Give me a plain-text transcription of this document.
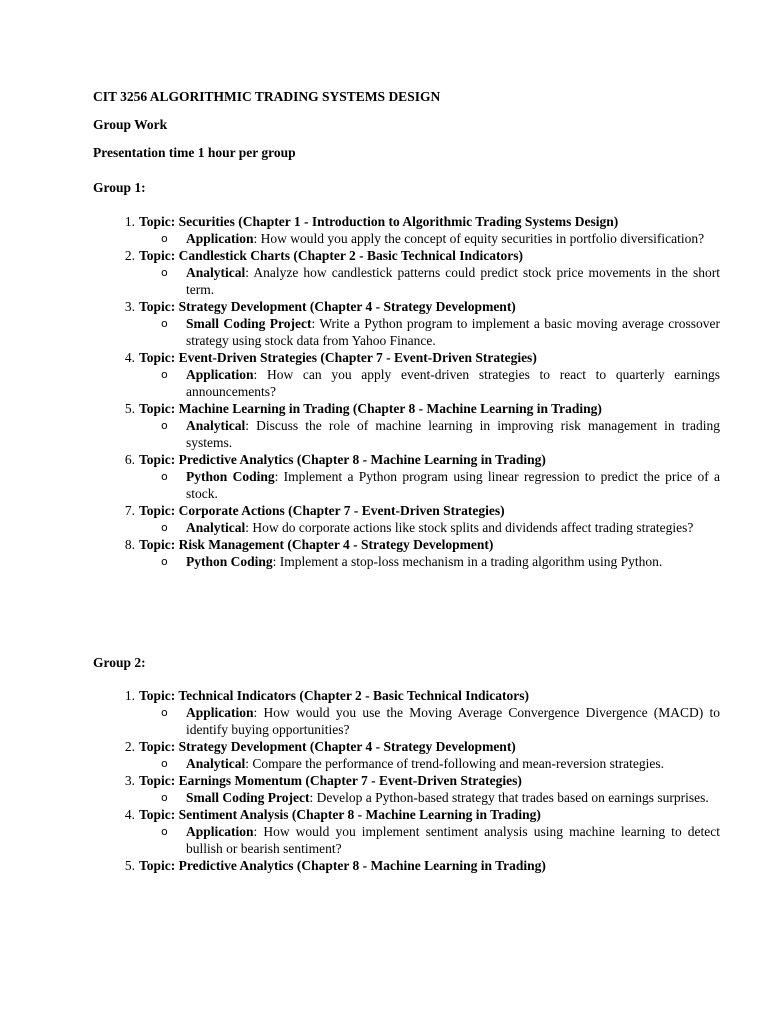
CIT 3256 ALGORITHMIC TRADING SYSTEMS DESIGN

Group Work

Presentation time 1 hour per group

Group 1:

1. Topic: Securities (Chapter 1 - Introduction to Algorithmic Trading Systems Design)
o Application: How would you apply the concept of equity securities in portfolio diversification?
2. Topic: Candlestick Charts (Chapter 2 - Basic Technical Indicators)
o Analytical: Analyze how candlestick patterns could predict stock price movements in the short term.
3. Topic: Strategy Development (Chapter 4 - Strategy Development)
o Small Coding Project: Write a Python program to implement a basic moving average crossover strategy using stock data from Yahoo Finance.
4. Topic: Event-Driven Strategies (Chapter 7 - Event-Driven Strategies)
o Application: How can you apply event-driven strategies to react to quarterly earnings announcements?
5. Topic: Machine Learning in Trading (Chapter 8 - Machine Learning in Trading)
o Analytical: Discuss the role of machine learning in improving risk management in trading systems.
6. Topic: Predictive Analytics (Chapter 8 - Machine Learning in Trading)
o Python Coding: Implement a Python program using linear regression to predict the price of a stock.
7. Topic: Corporate Actions (Chapter 7 - Event-Driven Strategies)
o Analytical: How do corporate actions like stock splits and dividends affect trading strategies?
8. Topic: Risk Management (Chapter 4 - Strategy Development)
o Python Coding: Implement a stop-loss mechanism in a trading algorithm using Python.

Group 2:

1. Topic: Technical Indicators (Chapter 2 - Basic Technical Indicators)
o Application: How would you use the Moving Average Convergence Divergence (MACD) to identify buying opportunities?
2. Topic: Strategy Development (Chapter 4 - Strategy Development)
o Analytical: Compare the performance of trend-following and mean-reversion strategies.
3. Topic: Earnings Momentum (Chapter 7 - Event-Driven Strategies)
o Small Coding Project: Develop a Python-based strategy that trades based on earnings surprises.
4. Topic: Sentiment Analysis (Chapter 8 - Machine Learning in Trading)
o Application: How would you implement sentiment analysis using machine learning to detect bullish or bearish sentiment?
5. Topic: Predictive Analytics (Chapter 8 - Machine Learning in Trading)
